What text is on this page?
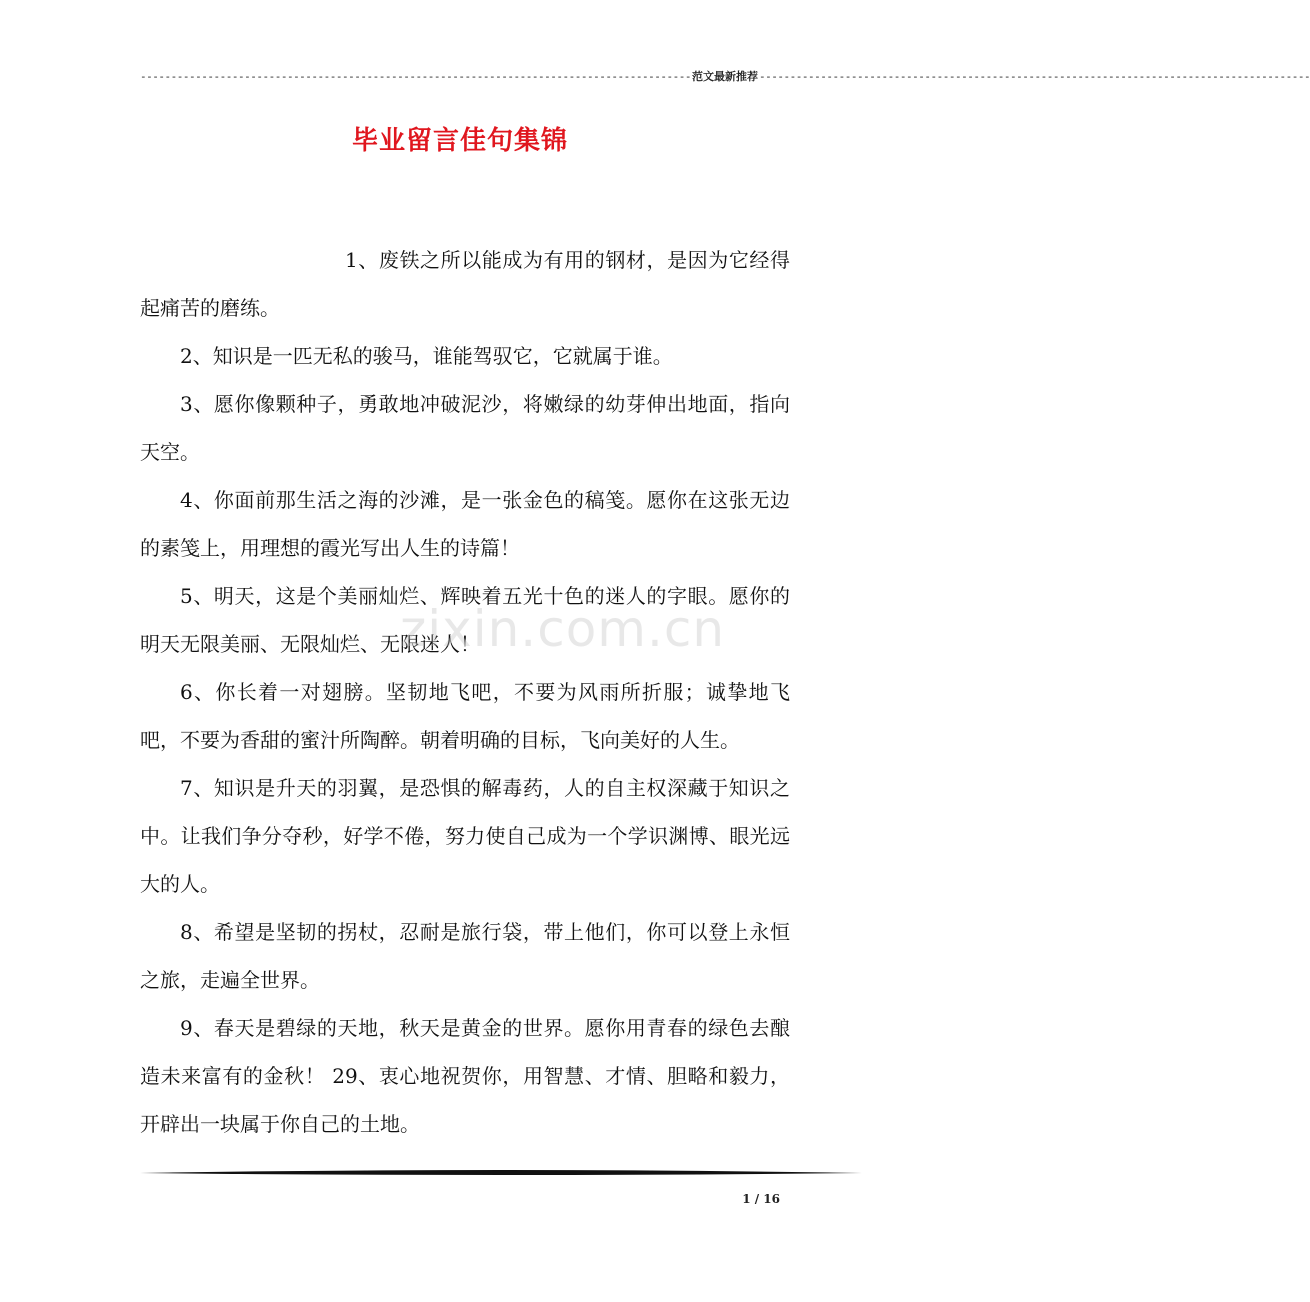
------------------------------------------------------------------------------------------ 范文最新推荐 ------------------------------------------------------------------------------------------
毕业留言佳句集锦

1、废铁之所以能成为有用的钢材，是因为它经得起痛苦的磨练。

2、知识是一匹无私的骏马，谁能驾驭它，它就属于谁。

3、愿你像颗种子，勇敢地冲破泥沙，将嫩绿的幼芽伸出地面，指向天空。

4、你面前那生活之海的沙滩，是一张金色的稿笺。愿你在这张无边的素笺上，用理想的霞光写出人生的诗篇！

5、明天，这是个美丽灿烂、辉映着五光十色的迷人的字眼。愿你的明天无限美丽、无限灿烂、无限迷人！

6、你长着一对翅膀。坚韧地飞吧，不要为风雨所折服；诚挚地飞吧，不要为香甜的蜜汁所陶醉。朝着明确的目标，飞向美好的人生。

7、知识是升天的羽翼，是恐惧的解毒药，人的自主权深藏于知识之中。让我们争分夺秒，好学不倦，努力使自己成为一个学识渊博、眼光远大的人。

8、希望是坚韧的拐杖，忍耐是旅行袋，带上他们，你可以登上永恒之旅，走遍全世界。

9、春天是碧绿的天地，秋天是黄金的世界。愿你用青春的绿色去酿造未来富有的金秋！ 29、衷心地祝贺你，用智慧、才情、胆略和毅力，开辟出一块属于你自己的土地。

zixin.com.cn
1 / 16
